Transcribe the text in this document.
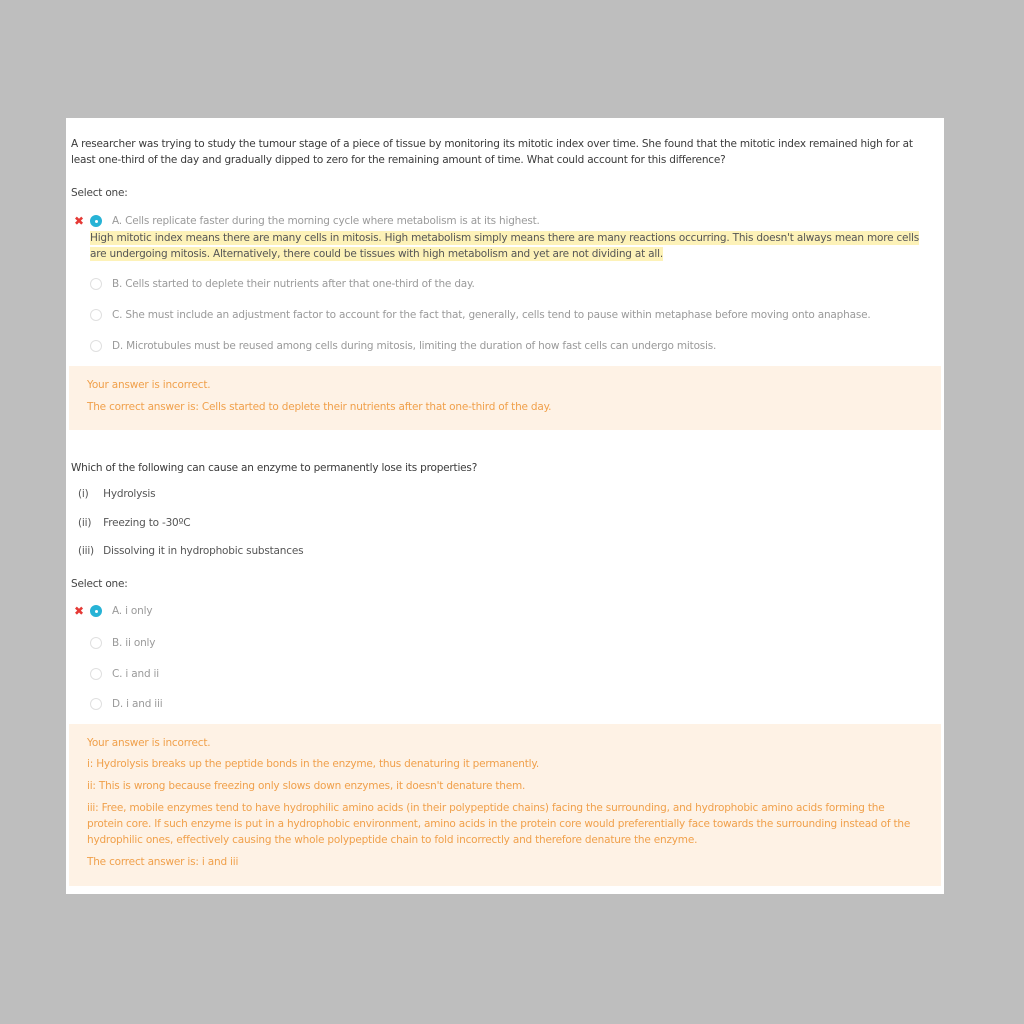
A researcher was trying to study the tumour stage of a piece of tissue by monitoring its mitotic index over time. She found that the mitotic index remained high for at least one-third of the day and gradually dipped to zero for the remaining amount of time. What could account for this difference?
Select one:
✖	A. Cells replicate faster during the morning cycle where metabolism is at its highest.
High mitotic index means there are many cells in mitosis. High metabolism simply means there are many reactions occurring. This doesn't always mean more cells are undergoing mitosis. Alternatively, there could be tissues with high metabolism and yet are not dividing at all.
B. Cells started to deplete their nutrients after that one-third of the day.
C. She must include an adjustment factor to account for the fact that, generally, cells tend to pause within metaphase before moving onto anaphase.
D. Microtubules must be reused among cells during mitosis, limiting the duration of how fast cells can undergo mitosis.

Your answer is incorrect.

The correct answer is: Cells started to deplete their nutrients after that one-third of the day.

Which of the following can cause an enzyme to permanently lose its properties?
(i) Hydrolysis
(ii) Freezing to -30ºC
(iii) Dissolving it in hydrophobic substances
Select one:
✖	A. i only
B. ii only
C. i and ii
D. i and iii

Your answer is incorrect.

i: Hydrolysis breaks up the peptide bonds in the enzyme, thus denaturing it permanently.

ii: This is wrong because freezing only slows down enzymes, it doesn't denature them.

iii: Free, mobile enzymes tend to have hydrophilic amino acids (in their polypeptide chains) facing the surrounding, and hydrophobic amino acids forming the protein core. If such enzyme is put in a hydrophobic environment, amino acids in the protein core would preferentially face towards the surrounding instead of the hydrophilic ones, effectively causing the whole polypeptide chain to fold incorrectly and therefore denature the enzyme.

The correct answer is: i and iii
